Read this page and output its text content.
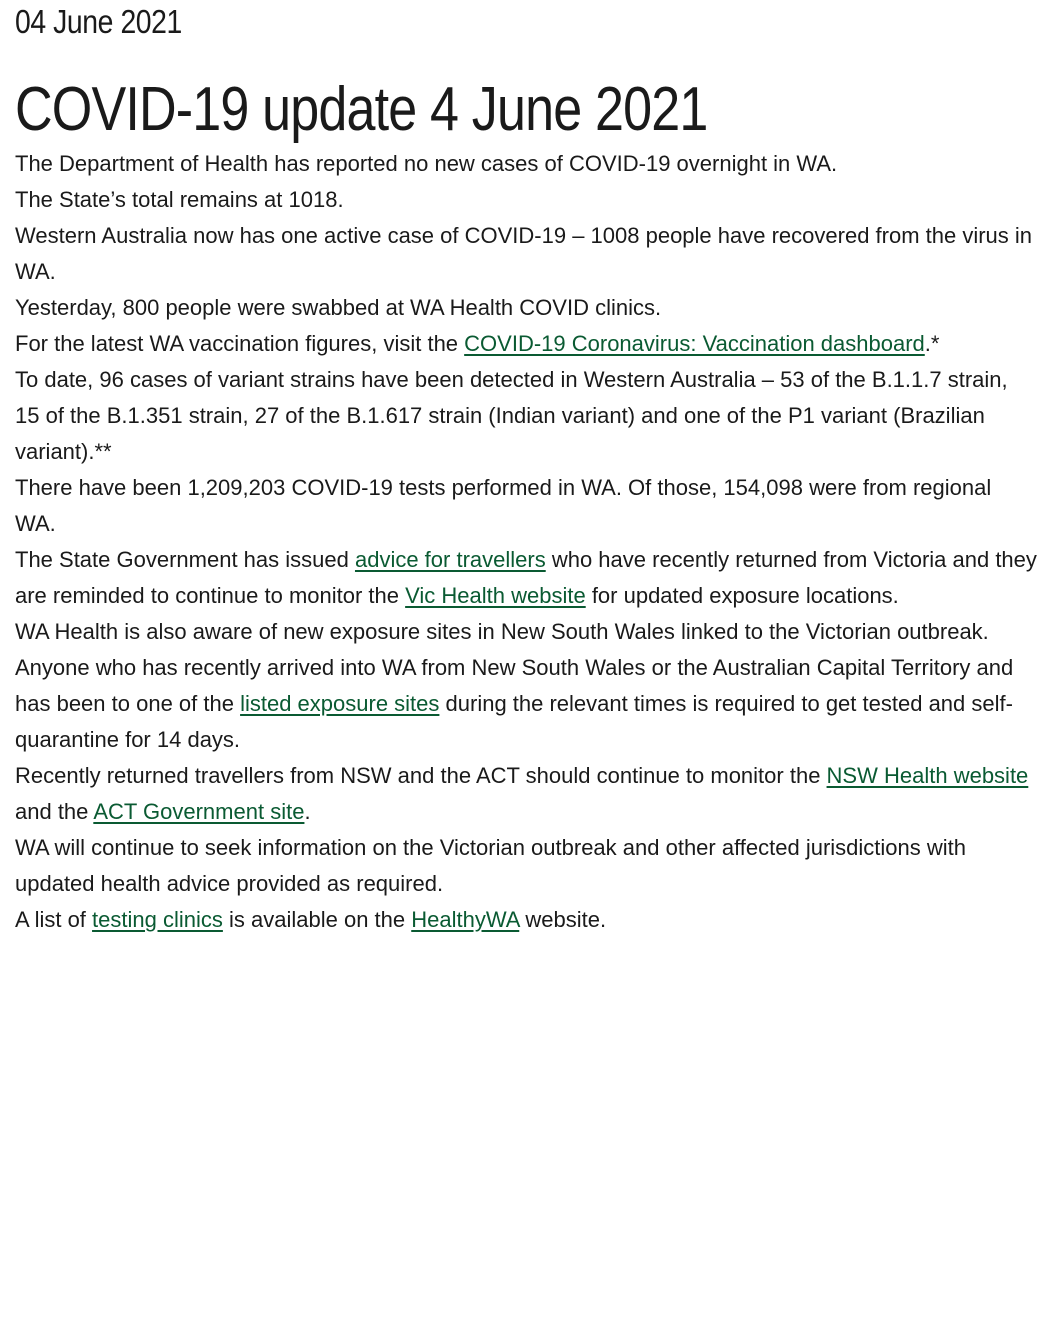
04 June 2021
COVID-19 update 4 June 2021

The Department of Health has reported no new cases of COVID-19 overnight in WA.

The State’s total remains at 1018.

Western Australia now has one active case of COVID-19 – 1008 people have recovered from the virus in WA.

Yesterday, 800 people were swabbed at WA Health COVID clinics.

For the latest WA vaccination figures, visit the COVID-19 Coronavirus: Vaccination dashboard.*

To date, 96 cases of variant strains have been detected in Western Australia – 53 of the B.1.1.7 strain, 15 of the B.1.351 strain, 27 of the B.1.617 strain (Indian variant) and one of the P1 variant (Brazilian variant).**

There have been 1,209,203 COVID-19 tests performed in WA. Of those, 154,098 were from regional WA.

The State Government has issued advice for travellers who have recently returned from Victoria and they are reminded to continue to monitor the Vic Health website for updated exposure locations.

WA Health is also aware of new exposure sites in New South Wales linked to the Victorian outbreak. Anyone who has recently arrived into WA from New South Wales or the Australian Capital Territory and has been to one of the listed exposure sites during the relevant times is required to get tested and self-quarantine for 14 days.

Recently returned travellers from NSW and the ACT should continue to monitor the NSW Health website and the ACT Government site.

WA will continue to seek information on the Victorian outbreak and other affected jurisdictions with updated health advice provided as required.

A list of testing clinics is available on the HealthyWA website.
